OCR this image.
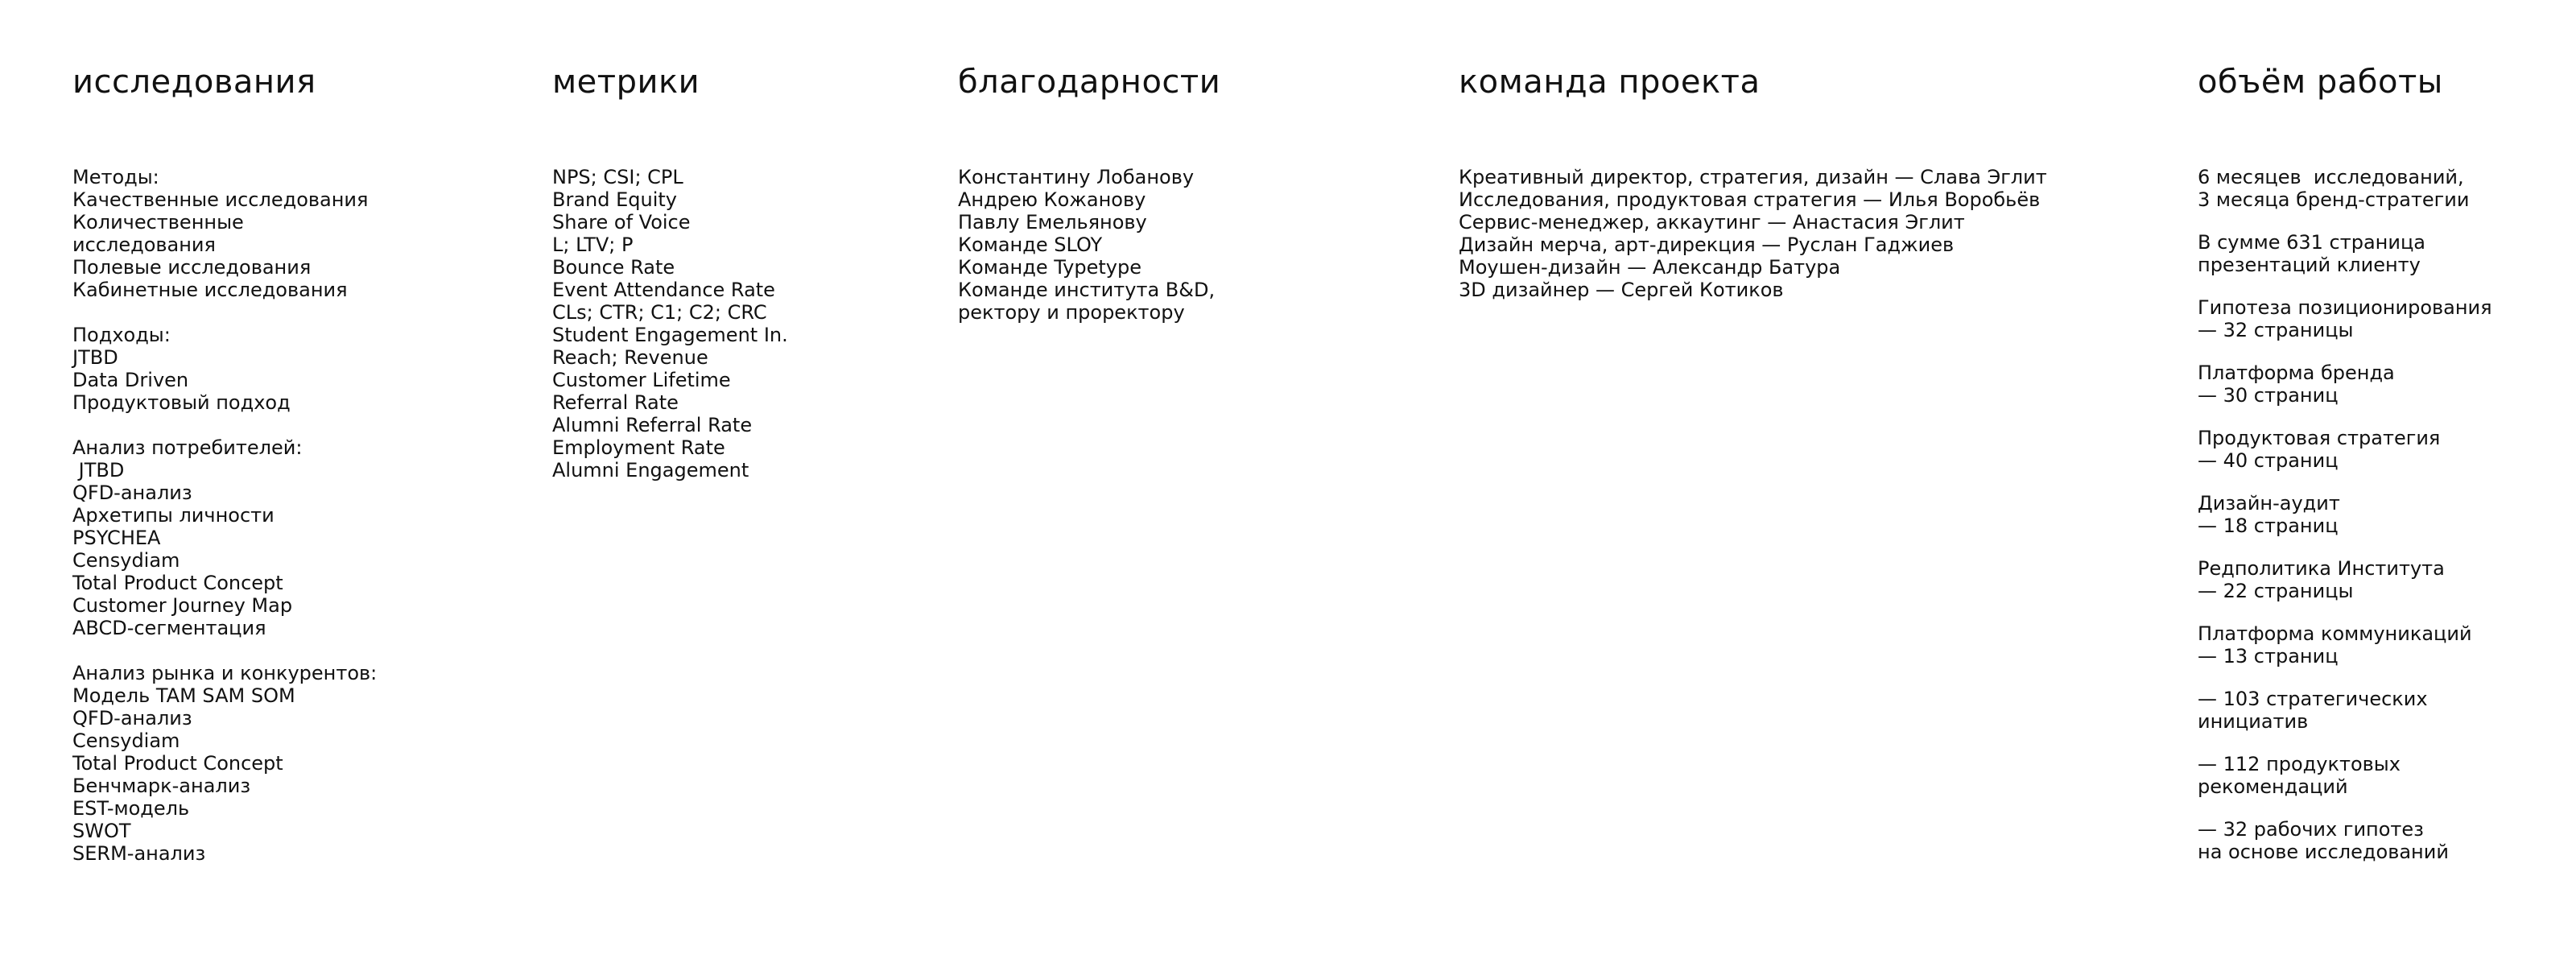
исследования
Методы:
Качественные исследования
Количественные
исследования
Полевые исследования
Кабинетные исследования
Подходы:
JTBD
Data Driven
Продуктовый подход
Анализ потребителей:
JTBD
QFD-анализ
Архетипы личности
PSYCHEA
Censydiam
Total Product Concept
Customer Journey Map
ABCD-сегментация
Анализ рынка и конкурентов:
Модель TAM SAM SOM
QFD-анализ
Censydiam
Total Product Concept
Бенчмарк-анализ
EST-модель
SWOT
SERM-анализ
метрики
NPS; CSI; CPL
Brand Equity
Share of Voice
L; LTV; P
Bounce Rate
Event Attendance Rate
CLs; CTR; C1; C2; CRC
Student Engagement In.
Reach; Revenue
Customer Lifetime
Referral Rate
Alumni Referral Rate
Employment Rate
Alumni Engagement
благодарности
Константину Лобанову
Андрею Кожанову
Павлу Емельянову
Команде SLOY
Команде Typetype
Команде института B&D,
ректору и проректору
команда проекта
Креативный директор, стратегия, дизайн — Слава Эглит
Исследования, продуктовая стратегия — Илья Воробьёв
Сервис-менеджер, аккаутинг — Анастасия Эглит
Дизайн мерча, арт-дирекция — Руслан Гаджиев
Моушен-дизайн — Александр Батура
3D дизайнер — Сергей Котиков
объём работы
6 месяцев  исследований,
3 месяца бренд-стратегии
В сумме 631 страница
презентаций клиенту
Гипотеза позиционирования
— 32 страницы
Платформа бренда
— 30 страниц
Продуктовая стратегия
— 40 страниц
Дизайн-аудит
— 18 страниц
Редполитика Института
— 22 страницы
Платформа коммуникаций
— 13 страниц
— 103 стратегических
инициатив
— 112 продуктовых
рекомендаций
— 32 рабочих гипотез
на основе исследований
